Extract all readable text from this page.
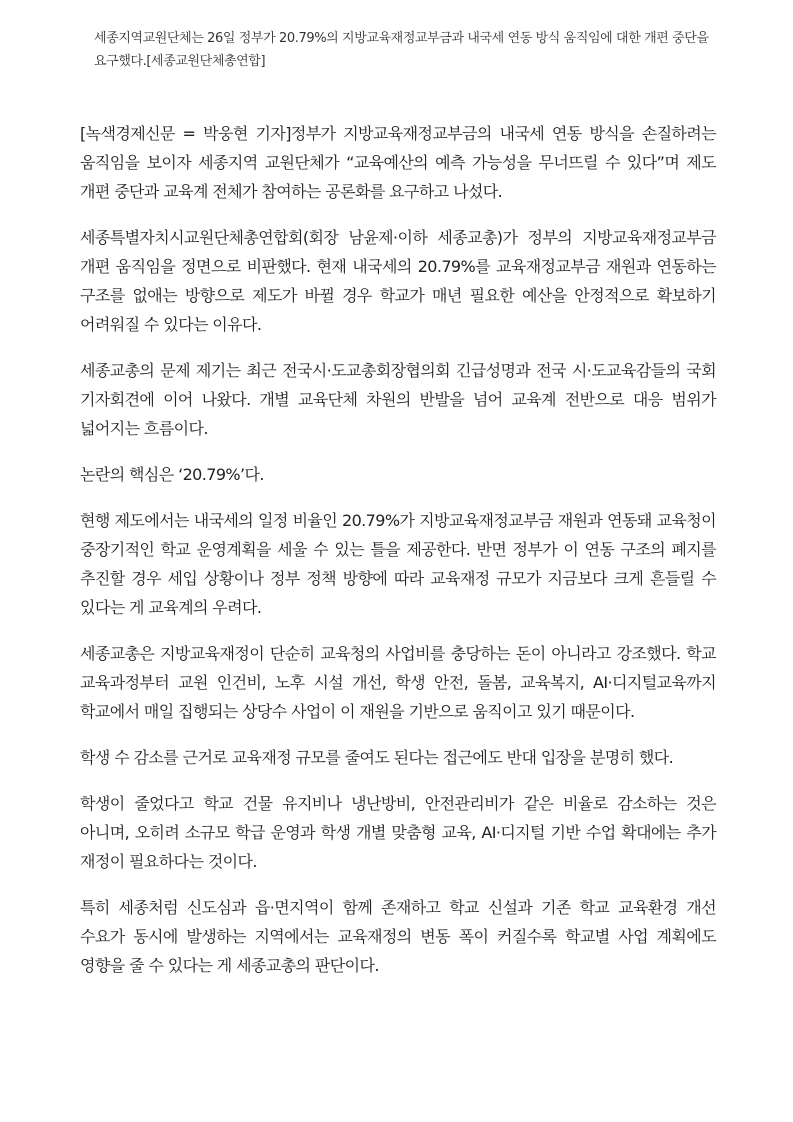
세종지역교원단체는 26일 정부가 20.79%의 지방교육재정교부금과 내국세 연동 방식 움직임에 대한 개편 중단을 요구했다.[세종교원단체총연합]

[녹색경제신문 = 박웅현 기자]정부가 지방교육재정교부금의 내국세 연동 방식을 손질하려는 움직임을 보이자 세종지역 교원단체가 “교육예산의 예측 가능성을 무너뜨릴 수 있다”며 제도 개편 중단과 교육계 전체가 참여하는 공론화를 요구하고 나섰다.

세종특별자치시교원단체총연합회(회장 남윤제·이하 세종교총)가 정부의 지방교육재정교부금 개편 움직임을 정면으로 비판했다. 현재 내국세의 20.79%를 교육재정교부금 재원과 연동하는 구조를 없애는 방향으로 제도가 바뀔 경우 학교가 매년 필요한 예산을 안정적으로 확보하기 어려워질 수 있다는 이유다.

세종교총의 문제 제기는 최근 전국시·도교총회장협의회 긴급성명과 전국 시·도교육감들의 국회 기자회견에 이어 나왔다. 개별 교육단체 차원의 반발을 넘어 교육계 전반으로 대응 범위가 넓어지는 흐름이다.

논란의 핵심은 ‘20.79%’다.

현행 제도에서는 내국세의 일정 비율인 20.79%가 지방교육재정교부금 재원과 연동돼 교육청이 중장기적인 학교 운영계획을 세울 수 있는 틀을 제공한다. 반면 정부가 이 연동 구조의 폐지를 추진할 경우 세입 상황이나 정부 정책 방향에 따라 교육재정 규모가 지금보다 크게 흔들릴 수 있다는 게 교육계의 우려다.

세종교총은 지방교육재정이 단순히 교육청의 사업비를 충당하는 돈이 아니라고 강조했다. 학교 교육과정부터 교원 인건비, 노후 시설 개선, 학생 안전, 돌봄, 교육복지, AI·디지털교육까지 학교에서 매일 집행되는 상당수 사업이 이 재원을 기반으로 움직이고 있기 때문이다.

학생 수 감소를 근거로 교육재정 규모를 줄여도 된다는 접근에도 반대 입장을 분명히 했다.

학생이 줄었다고 학교 건물 유지비나 냉난방비, 안전관리비가 같은 비율로 감소하는 것은 아니며, 오히려 소규모 학급 운영과 학생 개별 맞춤형 교육, AI·디지털 기반 수업 확대에는 추가 재정이 필요하다는 것이다.

특히 세종처럼 신도심과 읍·면지역이 함께 존재하고 학교 신설과 기존 학교 교육환경 개선 수요가 동시에 발생하는 지역에서는 교육재정의 변동 폭이 커질수록 학교별 사업 계획에도 영향을 줄 수 있다는 게 세종교총의 판단이다.
